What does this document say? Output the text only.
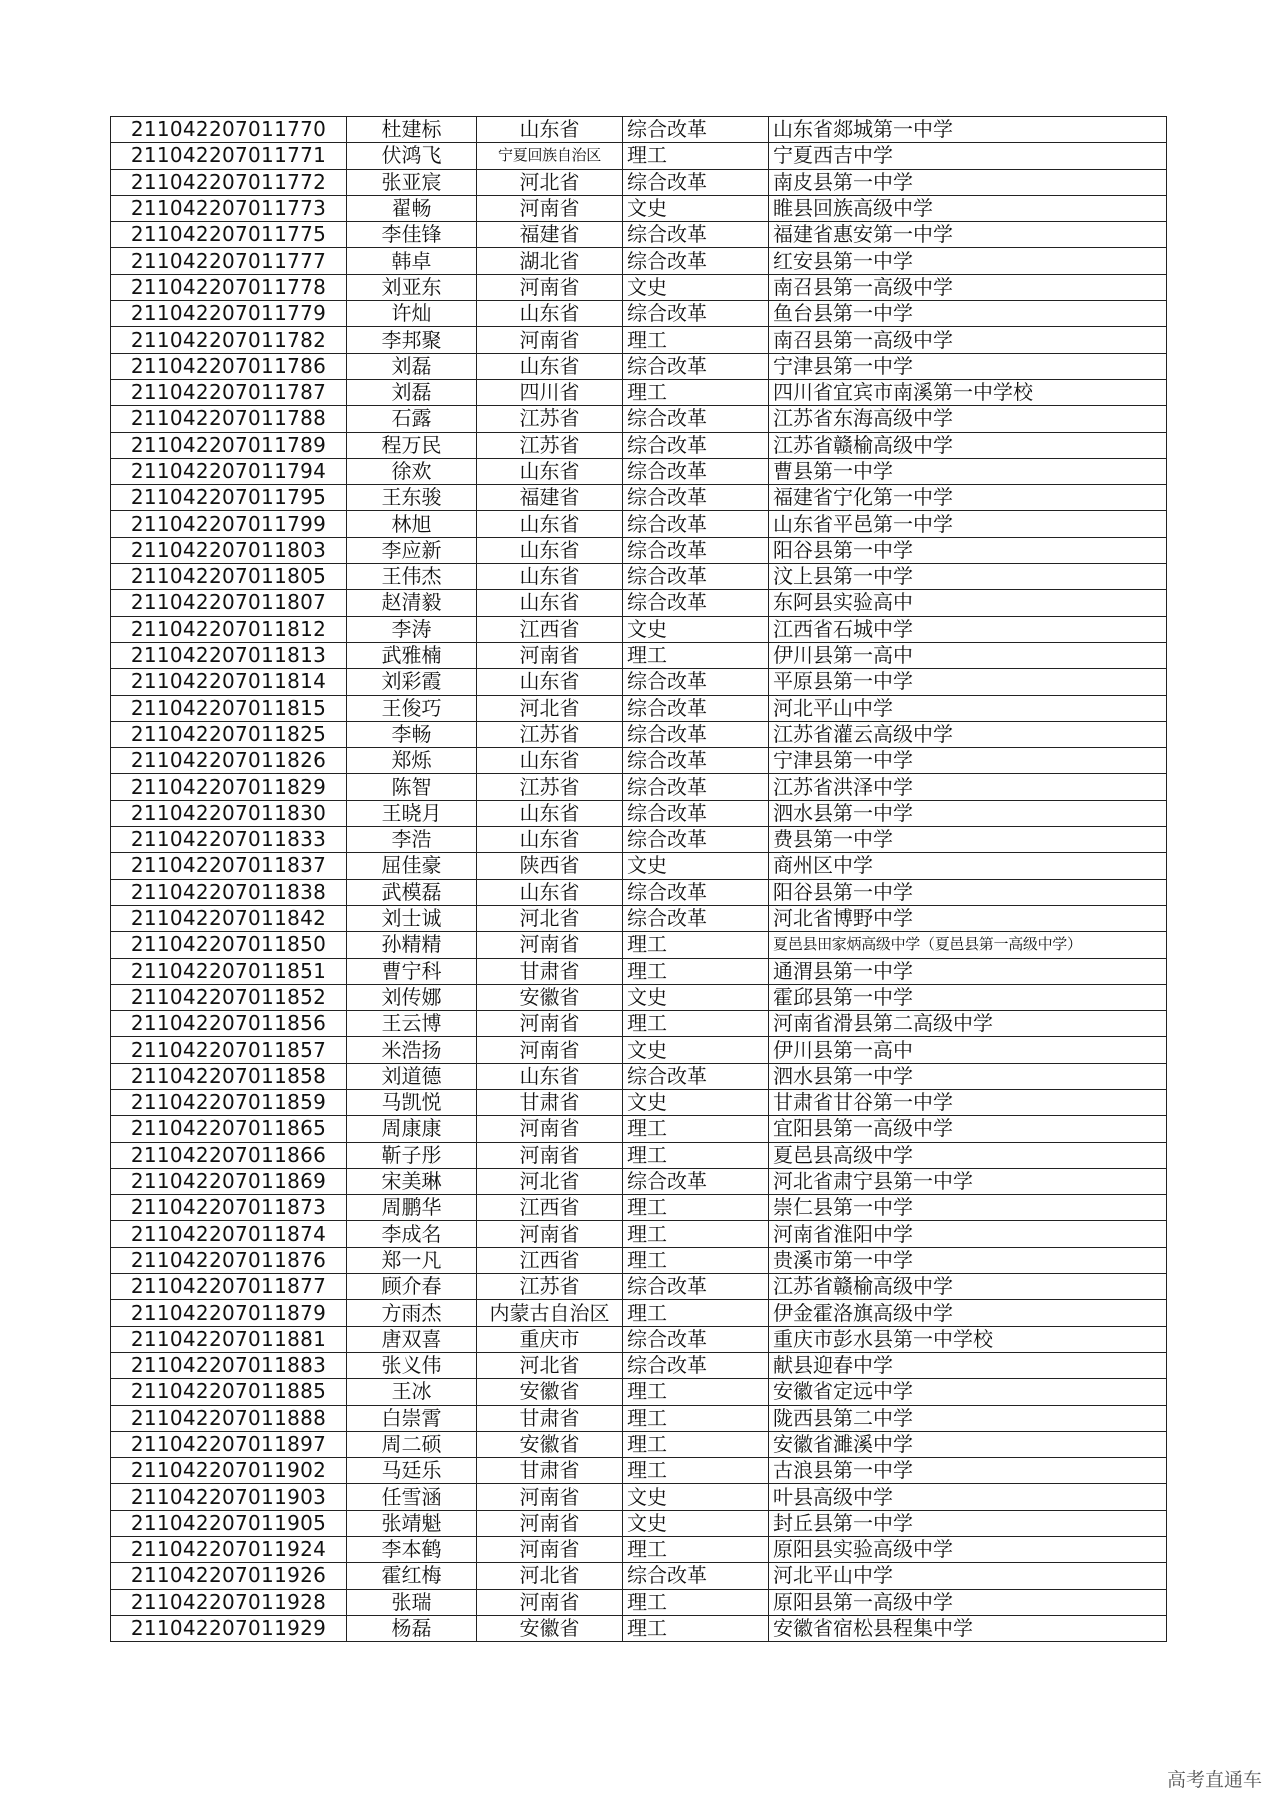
211042207011770	杜建标	山东省	综合改革	山东省郯城第一中学
211042207011771	伏鸿飞	宁夏回族自治区	理工	宁夏西吉中学
211042207011772	张亚宸	河北省	综合改革	南皮县第一中学
211042207011773	翟畅	河南省	文史	睢县回族高级中学
211042207011775	李佳锋	福建省	综合改革	福建省惠安第一中学
211042207011777	韩卓	湖北省	综合改革	红安县第一中学
211042207011778	刘亚东	河南省	文史	南召县第一高级中学
211042207011779	许灿	山东省	综合改革	鱼台县第一中学
211042207011782	李邦聚	河南省	理工	南召县第一高级中学
211042207011786	刘磊	山东省	综合改革	宁津县第一中学
211042207011787	刘磊	四川省	理工	四川省宜宾市南溪第一中学校
211042207011788	石露	江苏省	综合改革	江苏省东海高级中学
211042207011789	程万民	江苏省	综合改革	江苏省赣榆高级中学
211042207011794	徐欢	山东省	综合改革	曹县第一中学
211042207011795	王东骏	福建省	综合改革	福建省宁化第一中学
211042207011799	林旭	山东省	综合改革	山东省平邑第一中学
211042207011803	李应新	山东省	综合改革	阳谷县第一中学
211042207011805	王伟杰	山东省	综合改革	汶上县第一中学
211042207011807	赵清毅	山东省	综合改革	东阿县实验高中
211042207011812	李涛	江西省	文史	江西省石城中学
211042207011813	武雅楠	河南省	理工	伊川县第一高中
211042207011814	刘彩霞	山东省	综合改革	平原县第一中学
211042207011815	王俊巧	河北省	综合改革	河北平山中学
211042207011825	李畅	江苏省	综合改革	江苏省灌云高级中学
211042207011826	郑烁	山东省	综合改革	宁津县第一中学
211042207011829	陈智	江苏省	综合改革	江苏省洪泽中学
211042207011830	王晓月	山东省	综合改革	泗水县第一中学
211042207011833	李浩	山东省	综合改革	费县第一中学
211042207011837	屈佳豪	陕西省	文史	商州区中学
211042207011838	武模磊	山东省	综合改革	阳谷县第一中学
211042207011842	刘士诚	河北省	综合改革	河北省博野中学
211042207011850	孙精精	河南省	理工	夏邑县田家炳高级中学（夏邑县第一高级中学）
211042207011851	曹宁科	甘肃省	理工	通渭县第一中学
211042207011852	刘传娜	安徽省	文史	霍邱县第一中学
211042207011856	王云博	河南省	理工	河南省滑县第二高级中学
211042207011857	米浩扬	河南省	文史	伊川县第一高中
211042207011858	刘道德	山东省	综合改革	泗水县第一中学
211042207011859	马凯悦	甘肃省	文史	甘肃省甘谷第一中学
211042207011865	周康康	河南省	理工	宜阳县第一高级中学
211042207011866	靳子彤	河南省	理工	夏邑县高级中学
211042207011869	宋美琳	河北省	综合改革	河北省肃宁县第一中学
211042207011873	周鹏华	江西省	理工	崇仁县第一中学
211042207011874	李成名	河南省	理工	河南省淮阳中学
211042207011876	郑一凡	江西省	理工	贵溪市第一中学
211042207011877	顾介春	江苏省	综合改革	江苏省赣榆高级中学
211042207011879	方雨杰	内蒙古自治区	理工	伊金霍洛旗高级中学
211042207011881	唐双喜	重庆市	综合改革	重庆市彭水县第一中学校
211042207011883	张义伟	河北省	综合改革	献县迎春中学
211042207011885	王冰	安徽省	理工	安徽省定远中学
211042207011888	白崇霄	甘肃省	理工	陇西县第二中学
211042207011897	周二硕	安徽省	理工	安徽省濉溪中学
211042207011902	马廷乐	甘肃省	理工	古浪县第一中学
211042207011903	任雪涵	河南省	文史	叶县高级中学
211042207011905	张靖魁	河南省	文史	封丘县第一中学
211042207011924	李本鹤	河南省	理工	原阳县实验高级中学
211042207011926	霍红梅	河北省	综合改革	河北平山中学
211042207011928	张瑞	河南省	理工	原阳县第一高级中学
211042207011929	杨磊	安徽省	理工	安徽省宿松县程集中学
高考直通车
